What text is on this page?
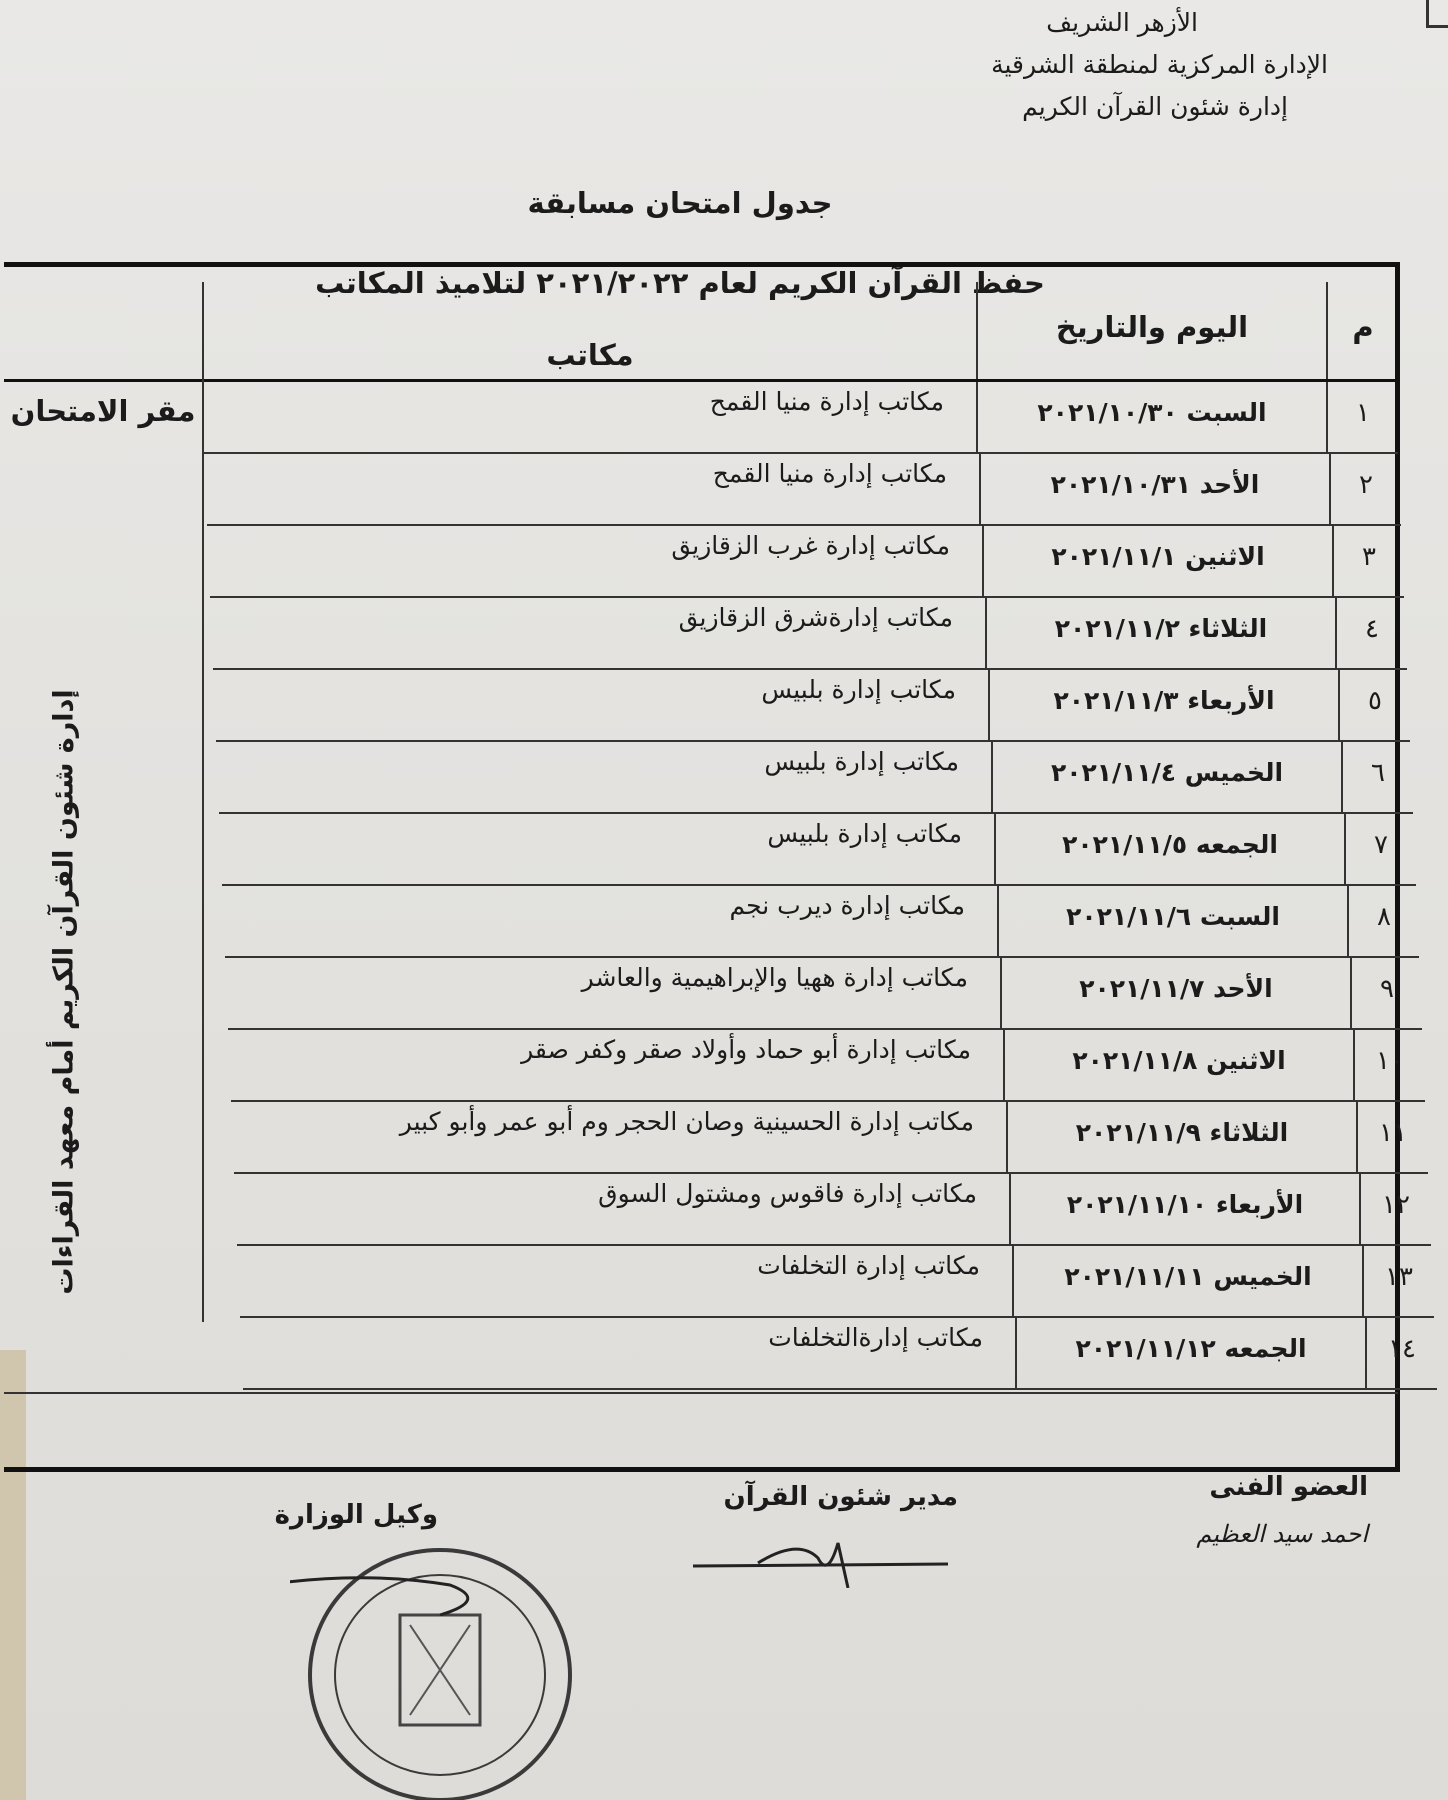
الأزهر الشريف
الإدارة المركزية لمنطقة الشرقية
إدارة شئون القرآن الكريم
جدول امتحان مسابقة
حفظ القرآن الكريم لعام ٢٠٢١/٢٠٢٢ لتلاميذ المكاتب
م
اليوم والتاريخ
مكاتب
مقر الامتحان
إدارة شئون القرآن الكريم أمام معهد القراءات
١
السبت ٢٠٢١/١٠/٣٠
مكاتب إدارة منيا القمح
٢
الأحد ٢٠٢١/١٠/٣١
مكاتب إدارة منيا القمح
٣
الاثنين ٢٠٢١/١١/١
مكاتب إدارة غرب الزقازيق
٤
الثلاثاء ٢٠٢١/١١/٢
مكاتب إدارةشرق الزقازيق
٥
الأربعاء ٢٠٢١/١١/٣
مكاتب إدارة بلبيس
٦
الخميس ٢٠٢١/١١/٤
مكاتب إدارة بلبيس
٧
الجمعه ٢٠٢١/١١/٥
مكاتب إدارة بلبيس
٨
السبت ٢٠٢١/١١/٦
مكاتب إدارة ديرب نجم
٩
الأحد ٢٠٢١/١١/٧
مكاتب إدارة ههيا والإبراهيمية والعاشر
١٠
الاثنين ٢٠٢١/١١/٨
مكاتب إدارة أبو حماد وأولاد صقر وكفر صقر
١١
الثلاثاء ٢٠٢١/١١/٩
مكاتب إدارة الحسينية وصان الحجر وم أبو عمر وأبو كبير
١٢
الأربعاء ٢٠٢١/١١/١٠
مكاتب إدارة فاقوس ومشتول السوق
١٣
الخميس ٢٠٢١/١١/١١
مكاتب إدارة التخلفات
١٤
الجمعه ٢٠٢١/١١/١٢
مكاتب إدارةالتخلفات
العضو الفنى
احمد سيد العظيم
مدير شئون القرآن
وكيل الوزارة
